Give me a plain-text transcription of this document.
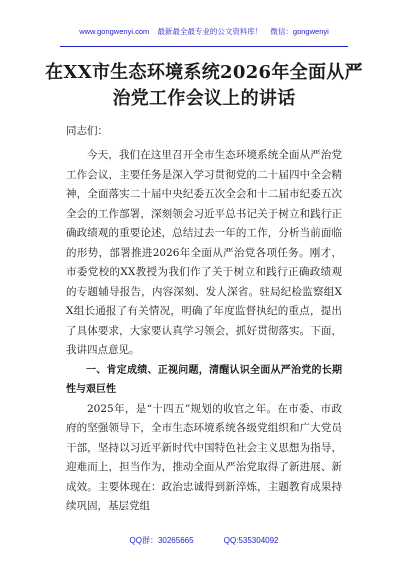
www.gongwenyi.com 最新最全最专业的公文资料库！ 微信：gongwenyi
在XX市生态环境系统2026年全面从严治党工作会议上的讲话
同志们：

今天，我们在这里召开全市生态环境系统全面从严治党工作会议，主要任务是深入学习贯彻党的二十届四中全会精神，全面落实二十届中央纪委五次全会和十二届市纪委五次全会的工作部署，深刻领会习近平总书记关于树立和践行正确政绩观的重要论述，总结过去一年的工作，分析当前面临的形势，部署推进2026年全面从严治党各项任务。刚才，市委党校的XX教授为我们作了关于树立和践行正确政绩观的专题辅导报告，内容深刻、发人深省。驻局纪检监察组XX组长通报了有关情况，明确了年度监督执纪的重点，提出了具体要求，大家要认真学习领会，抓好贯彻落实。下面，我讲四点意见。

一、肯定成绩、正视问题，清醒认识全面从严治党的长期性与艰巨性

2025年，是“十四五”规划的收官之年。在市委、市政府的坚强领导下，全市生态环境系统各级党组织和广大党员干部，坚持以习近平新时代中国特色社会主义思想为指导，迎难而上，担当作为，推动全面从严治党取得了新进展、新成效。主要体现在：政治忠诚得到新淬炼，主题教育成果持续巩固，基层党组

QQ群：30265665	QQ:535304092
